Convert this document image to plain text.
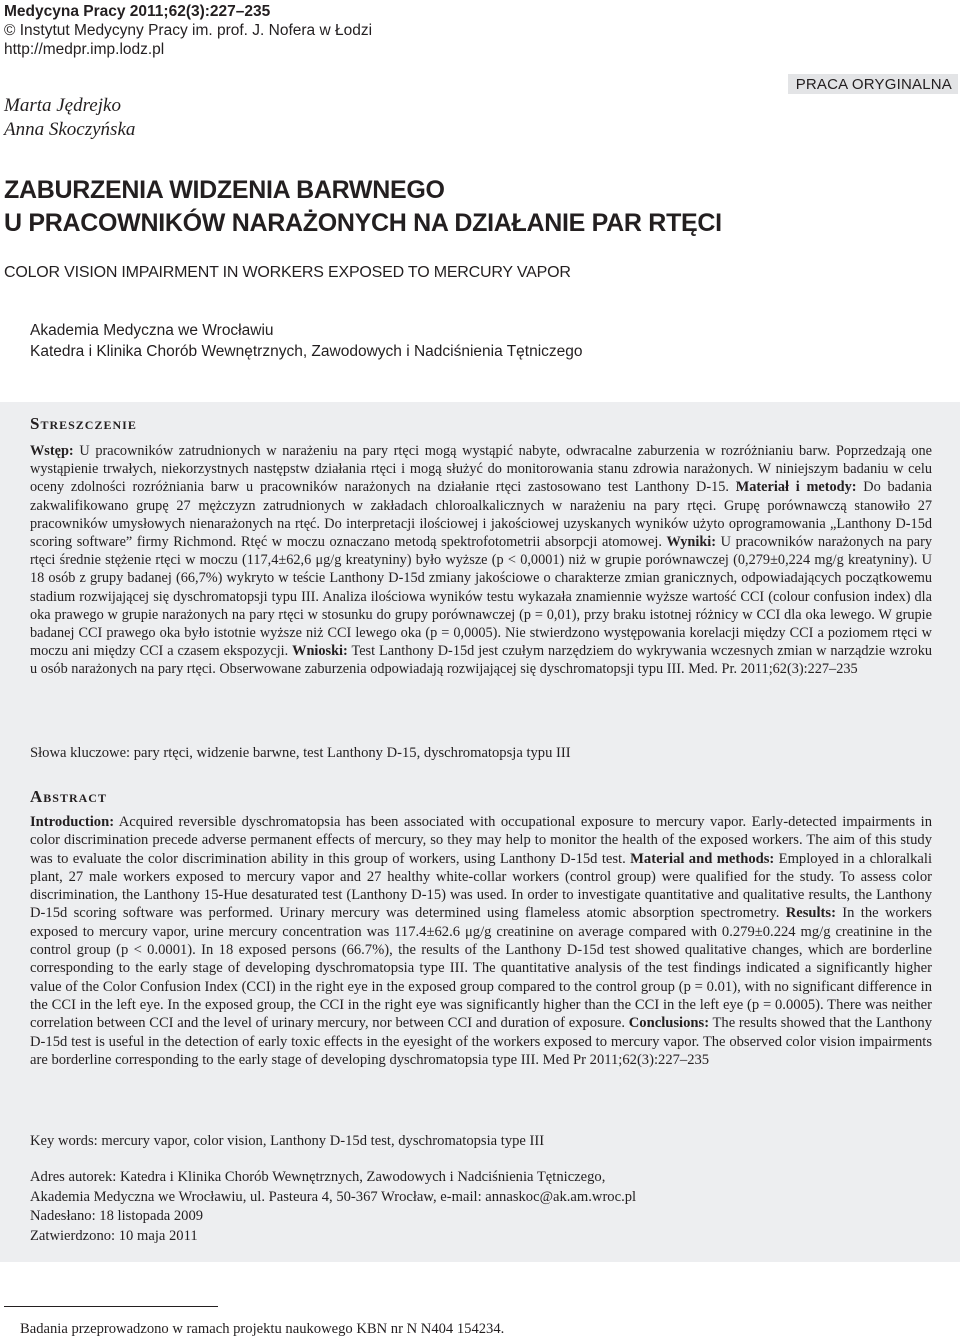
Medycyna Pracy 2011;62(3):227–235
© Instytut Medycyny Pracy im. prof. J. Nofera w Łodzi
http://medpr.imp.lodz.pl
PRACA ORYGINALNA
Marta Jędrejko
Anna Skoczyńska
ZABURZENIA WIDZENIA BARWNEGO
U PRACOWNIKÓW NARAŻONYCH NA DZIAŁANIE PAR RTĘCI
COLOR VISION IMPAIRMENT IN WORKERS EXPOSED TO MERCURY VAPOR
Akademia Medyczna we Wrocławiu
Katedra i Klinika Chorób Wewnętrznych, Zawodowych i Nadciśnienia Tętniczego
Streszczenie

Wstęp: U pracowników zatrudnionych w narażeniu na pary rtęci mogą wystąpić nabyte, odwracalne zaburzenia w rozróżnianiu barw. Poprzedzają one wystąpienie trwałych, niekorzystnych następstw działania rtęci i mogą służyć do monitorowania stanu zdrowia narażonych. W niniejszym badaniu w celu oceny zdolności rozróżniania barw u pracowników narażonych na działanie rtęci zastosowano test Lanthony D-15. Materiał i metody: Do badania zakwalifikowano grupę 27 mężczyzn zatrudnionych w zakładach chloroalkalicznych w narażeniu na pary rtęci. Grupę porównawczą stanowiło 27 pracowników umysłowych nienarażonych na rtęć. Do interpretacji ilościowej i jakościowej uzyskanych wyników użyto oprogramowania „Lanthony D-15d scoring software” firmy Richmond. Rtęć w moczu oznaczano metodą spektrofotometrii absorpcji atomowej. Wyniki: U pracowników narażonych na pary rtęci średnie stężenie rtęci w moczu (117,4±62,6 μg/g kreatyniny) było wyższe (p < 0,0001) niż w grupie porównawczej (0,279±0,224 mg/g kreatyniny). U 18 osób z grupy badanej (66,7%) wykryto w teście Lanthony D-15d zmiany jakościowe o charakterze zmian granicznych, odpowiadających początkowemu stadium rozwijającej się dyschromatopsji typu III. Analiza ilościowa wyników testu wykazała znamiennie wyższe wartość CCI (colour confusion index) dla oka prawego w grupie narażonych na pary rtęci w stosunku do grupy porównawczej (p = 0,01), przy braku istotnej różnicy w CCI dla oka lewego. W grupie badanej CCI prawego oka było istotnie wyższe niż CCI lewego oka (p = 0,0005). Nie stwierdzono występowania korelacji między CCI a poziomem rtęci w moczu ani między CCI a czasem ekspozycji. Wnioski: Test Lanthony D-15d jest czułym narzędziem do wykrywania wczesnych zmian w narządzie wzroku u osób narażonych na pary rtęci. Obserwowane zaburzenia odpowiadają rozwijającej się dyschromatopsji typu III. Med. Pr. 2011;62(3):227–235

Słowa kluczowe: pary rtęci, widzenie barwne, test Lanthony D-15, dyschromatopsja typu III
Abstract

Introduction: Acquired reversible dyschromatopsia has been associated with occupational exposure to mercury vapor. Early-detected impairments in color discrimination precede adverse permanent effects of mercury, so they may help to monitor the health of the exposed workers. The aim of this study was to evaluate the color discrimination ability in this group of workers, using Lanthony D-15d test. Material and methods: Employed in a chloralkali plant, 27 male workers exposed to mercury vapor and 27 healthy white-collar workers (control group) were qualified for the study. To assess color discrimination, the Lanthony 15-Hue desaturated test (Lanthony D-15) was used. In order to investigate quantitative and qualitative results, the Lanthony D-15d scoring software was performed. Urinary mercury was determined using flameless atomic absorption spectrometry. Results: In the workers exposed to mercury vapor, urine mercury concentration was 117.4±62.6 μg/g creatinine on average compared with 0.279±0.224 mg/g creatinine in the control group (p < 0.0001). In 18 exposed persons (66.7%), the results of the Lanthony D-15d test showed qualitative changes, which are borderline corresponding to the early stage of developing dyschromatopsia type III. The quantitative analysis of the test findings indicated a significantly higher value of the Color Confusion Index (CCI) in the right eye in the exposed group compared to the control group (p = 0.01), with no significant difference in the CCI in the left eye. In the exposed group, the CCI in the right eye was significantly higher than the CCI in the left eye (p = 0.0005). There was neither correlation between CCI and the level of urinary mercury, nor between CCI and duration of exposure. Conclusions: The results showed that the Lanthony D-15d test is useful in the detection of early toxic effects in the eyesight of the workers exposed to mercury vapor. The observed color vision impairments are borderline corresponding to the early stage of developing dyschromatopsia type III. Med Pr 2011;62(3):227–235

Key words: mercury vapor, color vision, Lanthony D-15d test, dyschromatopsia type III
Adres autorek: Katedra i Klinika Chorób Wewnętrznych, Zawodowych i Nadciśnienia Tętniczego,
Akademia Medyczna we Wrocławiu, ul. Pasteura 4, 50-367 Wrocław, e-mail: annaskoc@ak.am.wroc.pl
Nadesłano: 18 listopada 2009
Zatwierdzono: 10 maja 2011
Badania przeprowadzono w ramach projektu naukowego KBN nr N N404 154234.
